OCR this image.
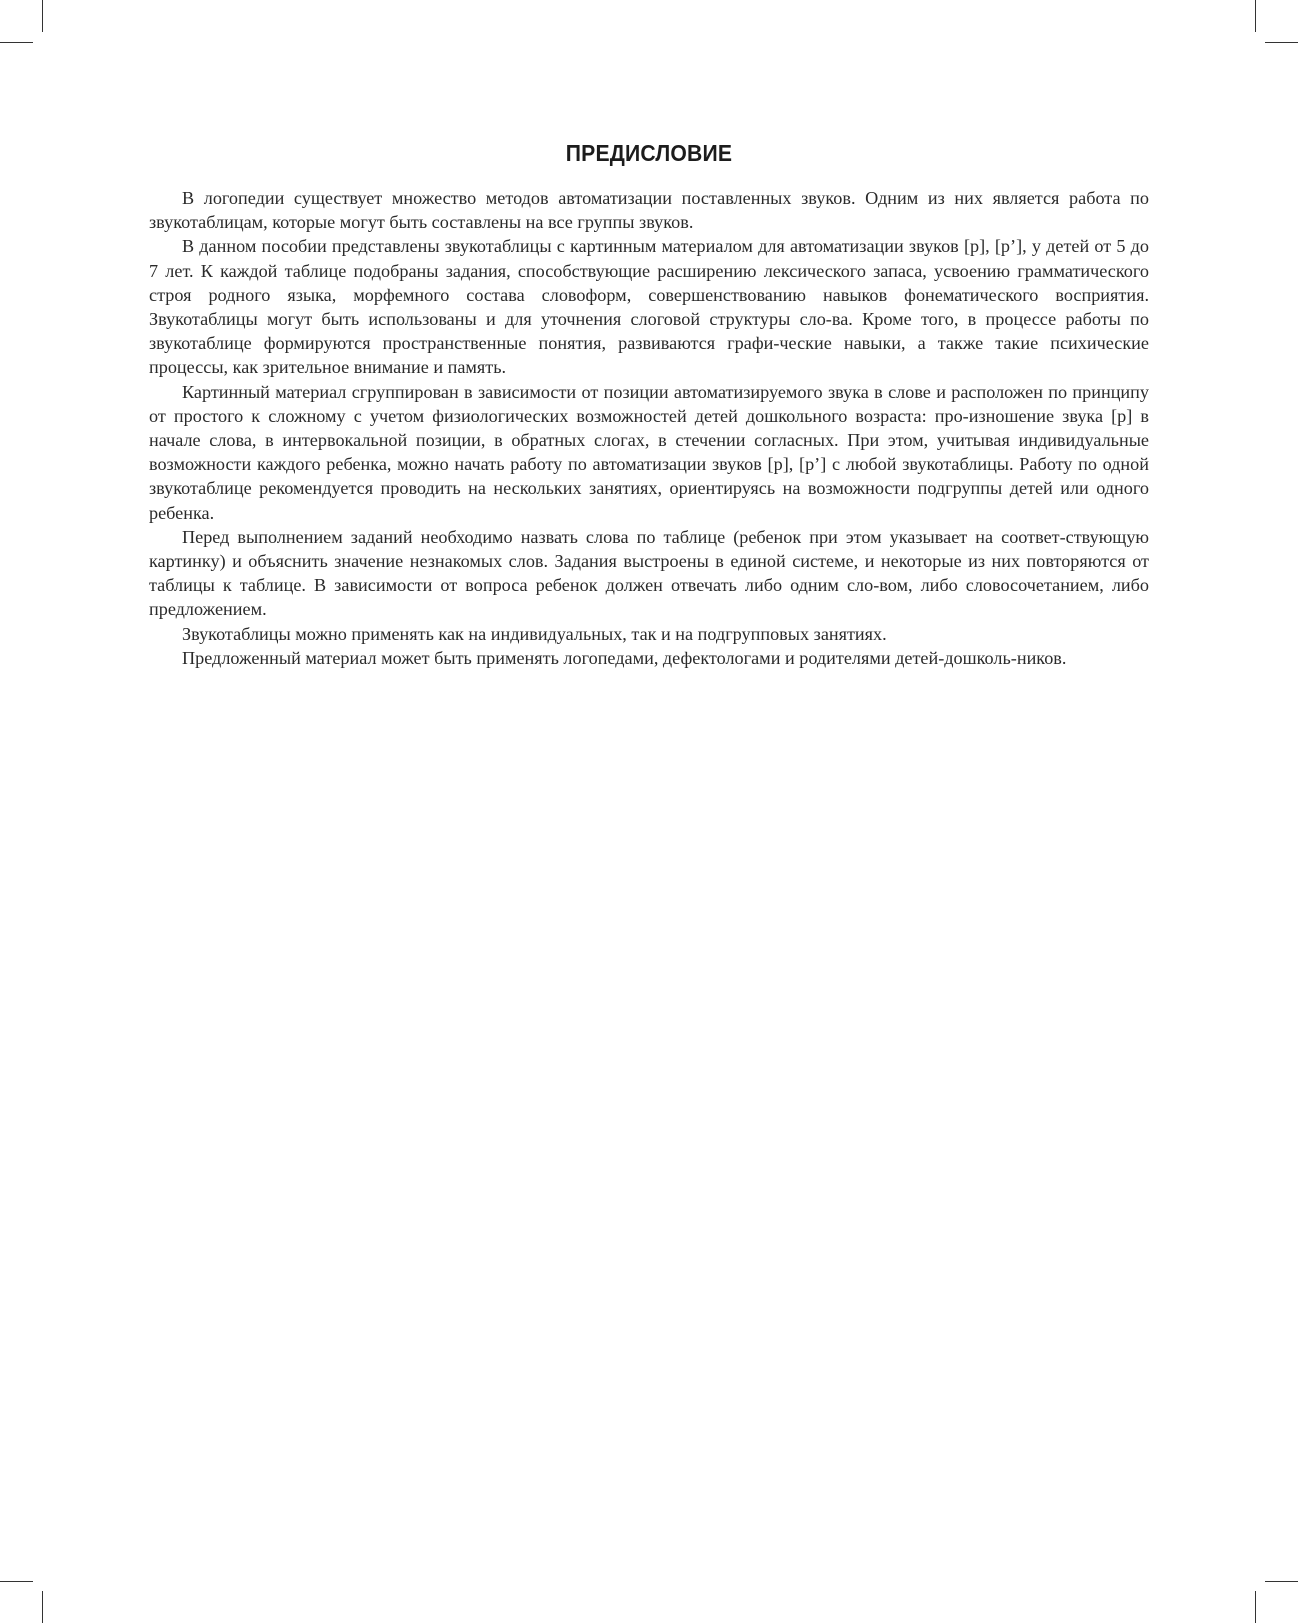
ПРЕДИСЛОВИЕ

В логопедии существует множество методов автоматизации поставленных звуков. Одним из них является работа по звукотаблицам, которые могут быть составлены на все группы звуков.

В данном пособии представлены звукотаблицы с картинным материалом для автоматизации звуков [р], [р’], у детей от 5 до 7 лет. К каждой таблице подобраны задания, способствующие расширению лексического запаса, усвоению грамматического строя родного языка, морфемного состава словоформ, совершенствованию навыков фонематического восприятия. Звукотаблицы могут быть использованы и для уточнения слоговой структуры сло-ва. Кроме того, в процессе работы по звукотаблице формируются пространственные понятия, развиваются графи-ческие навыки, а также такие психические процессы, как зрительное внимание и память.

Картинный материал сгруппирован в зависимости от позиции автоматизируемого звука в слове и расположен по принципу от простого к сложному с учетом физиологических возможностей детей дошкольного возраста: про-изношение звука [р] в начале слова, в интервокальной позиции, в обратных слогах, в стечении согласных. При этом, учитывая индивидуальные возможности каждого ребенка, можно начать работу по автоматизации звуков [р], [р’] с любой звукотаблицы. Работу по одной звукотаблице рекомендуется проводить на нескольких занятиях, ориентируясь на возможности подгруппы детей или одного ребенка.

Перед выполнением заданий необходимо назвать слова по таблице (ребенок при этом указывает на соответ-ствующую картинку) и объяснить значение незнакомых слов. Задания выстроены в единой системе, и некоторые из них повторяются от таблицы к таблице. В зависимости от вопроса ребенок должен отвечать либо одним сло-вом, либо словосочетанием, либо предложением.

Звукотаблицы можно применять как на индивидуальных, так и на подгрупповых занятиях.

Предложенный материал может быть применять логопедами, дефектологами и родителями детей-дошколь-ников.
